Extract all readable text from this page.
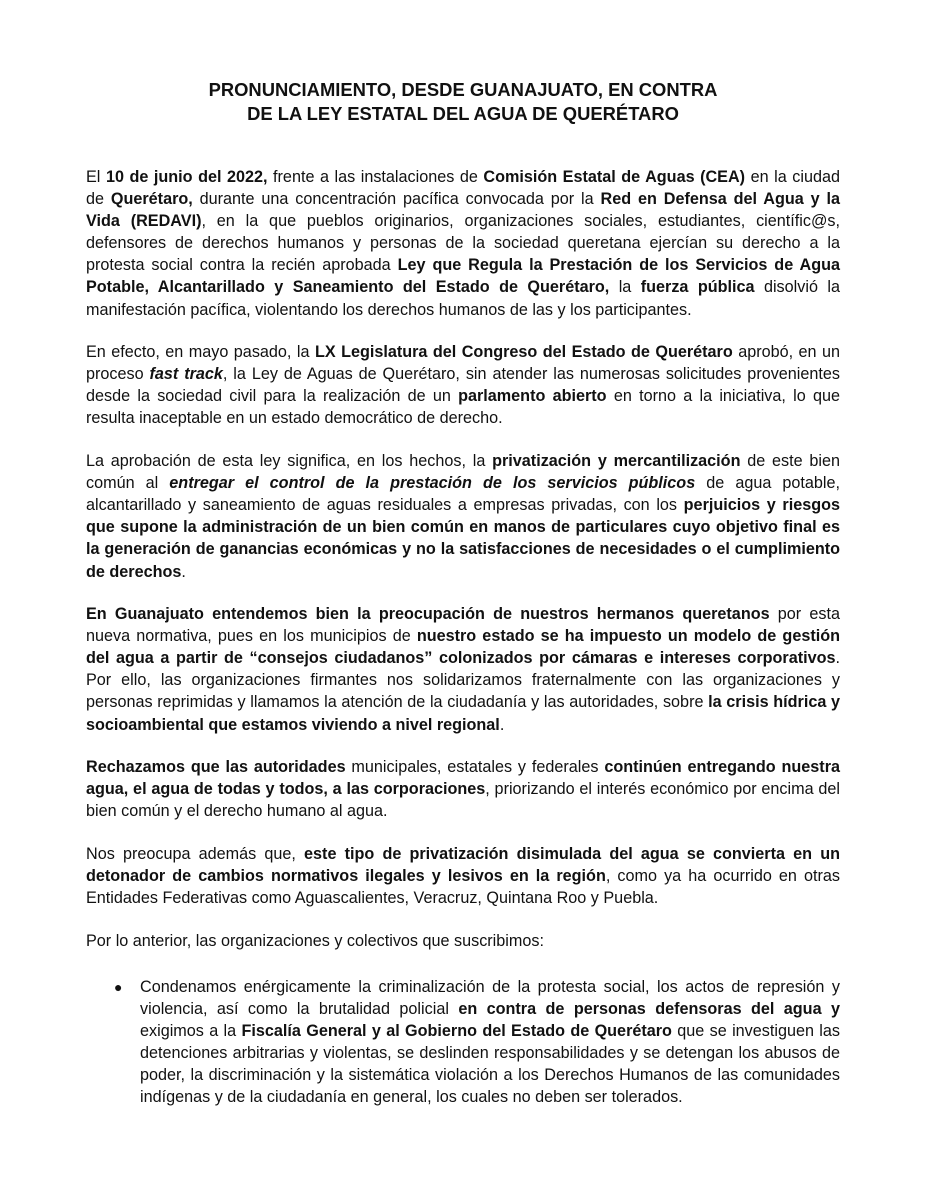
PRONUNCIAMIENTO, DESDE GUANAJUATO, EN CONTRA
DE LA LEY ESTATAL DEL AGUA DE QUERÉTARO

El 10 de junio del 2022, frente a las instalaciones de Comisión Estatal de Aguas (CEA) en la ciudad de Querétaro, durante una concentración pacífica convocada por la Red en Defensa del Agua y la Vida (REDAVI), en la que pueblos originarios, organizaciones sociales, estudiantes, científic@s, defensores de derechos humanos y personas de la sociedad queretana ejercían su derecho a la protesta social contra la recién aprobada Ley que Regula la Prestación de los Servicios de Agua Potable, Alcantarillado y Saneamiento del Estado de Querétaro, la fuerza pública disolvió la manifestación pacífica, violentando los derechos humanos de las y los participantes.

En efecto, en mayo pasado, la LX Legislatura del Congreso del Estado de Querétaro aprobó, en un proceso fast track, la Ley de Aguas de Querétaro, sin atender las numerosas solicitudes provenientes desde la sociedad civil para la realización de un parlamento abierto en torno a la iniciativa, lo que resulta inaceptable en un estado democrático de derecho.

La aprobación de esta ley significa, en los hechos, la privatización y mercantilización de este bien común al entregar el control de la prestación de los servicios públicos de agua potable, alcantarillado y saneamiento de aguas residuales a empresas privadas, con los perjuicios y riesgos que supone la administración de un bien común en manos de particulares cuyo objetivo final es la generación de ganancias económicas y no la satisfacciones de necesidades o el cumplimiento de derechos.

En Guanajuato entendemos bien la preocupación de nuestros hermanos queretanos por esta nueva normativa, pues en los municipios de nuestro estado se ha impuesto un modelo de gestión del agua a partir de “consejos ciudadanos” colonizados por cámaras e intereses corporativos. Por ello, las organizaciones firmantes nos solidarizamos fraternalmente con las organizaciones y personas reprimidas y llamamos la atención de la ciudadanía y las autoridades, sobre la crisis hídrica y socioambiental que estamos viviendo a nivel regional.

Rechazamos que las autoridades municipales, estatales y federales continúen entregando nuestra agua, el agua de todas y todos, a las corporaciones, priorizando el interés económico por encima del bien común y el derecho humano al agua.

Nos preocupa además que, este tipo de privatización disimulada del agua se convierta en un detonador de cambios normativos ilegales y lesivos en la región, como ya ha ocurrido en otras Entidades Federativas como Aguascalientes, Veracruz, Quintana Roo y Puebla.

Por lo anterior, las organizaciones y colectivos que suscribimos:

● Condenamos enérgicamente la criminalización de la protesta social, los actos de represión y violencia, así como la brutalidad policial en contra de personas defensoras del agua y exigimos a la Fiscalía General y al Gobierno del Estado de Querétaro que se investiguen las detenciones arbitrarias y violentas, se deslinden responsabilidades y se detengan los abusos de poder, la discriminación y la sistemática violación a los Derechos Humanos de las comunidades indígenas y de la ciudadanía en general, los cuales no deben ser tolerados.
